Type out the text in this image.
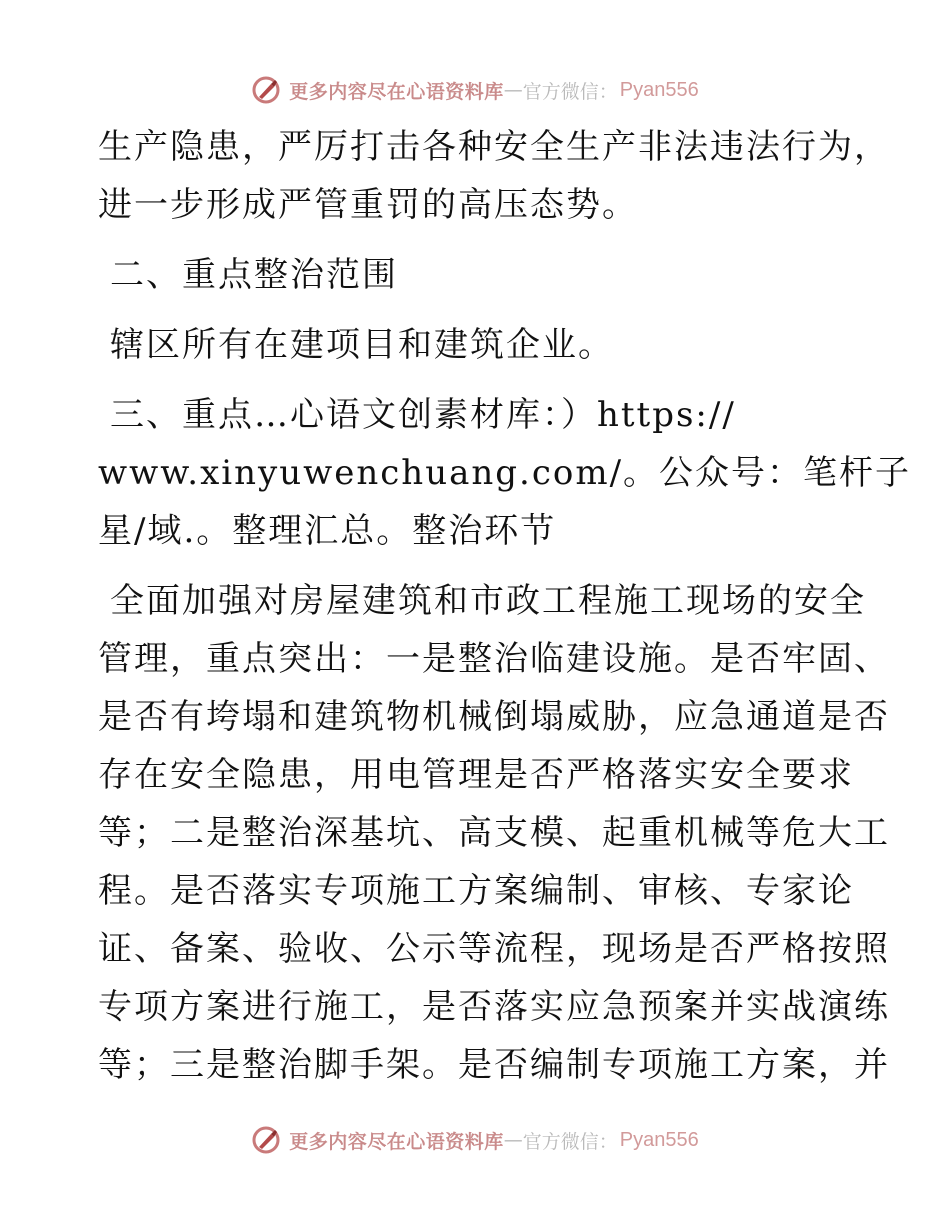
更多内容尽在心语资料库 — 官方微信： Pyan556
生产隐患，严厉打击各种安全生产非法违法行为，
进一步形成严管重罚的高压态势。
二、重点整治范围
辖区所有在建项目和建筑企业。
三、重点…心语文创素材库：）https://
www.xinyuwenchuang.com/。公众号：笔杆子
星/域.。整理汇总。整治环节
全面加强对房屋建筑和市政工程施工现场的安全
管理，重点突出：一是整治临建设施。是否牢固、
是否有垮塌和建筑物机械倒塌威胁，应急通道是否
存在安全隐患，用电管理是否严格落实安全要求
等；二是整治深基坑、高支模、起重机械等危大工
程。是否落实专项施工方案编制、审核、专家论
证、备案、验收、公示等流程，现场是否严格按照
专项方案进行施工，是否落实应急预案并实战演练
等；三是整治脚手架。是否编制专项施工方案，并
更多内容尽在心语资料库 — 官方微信： Pyan556
